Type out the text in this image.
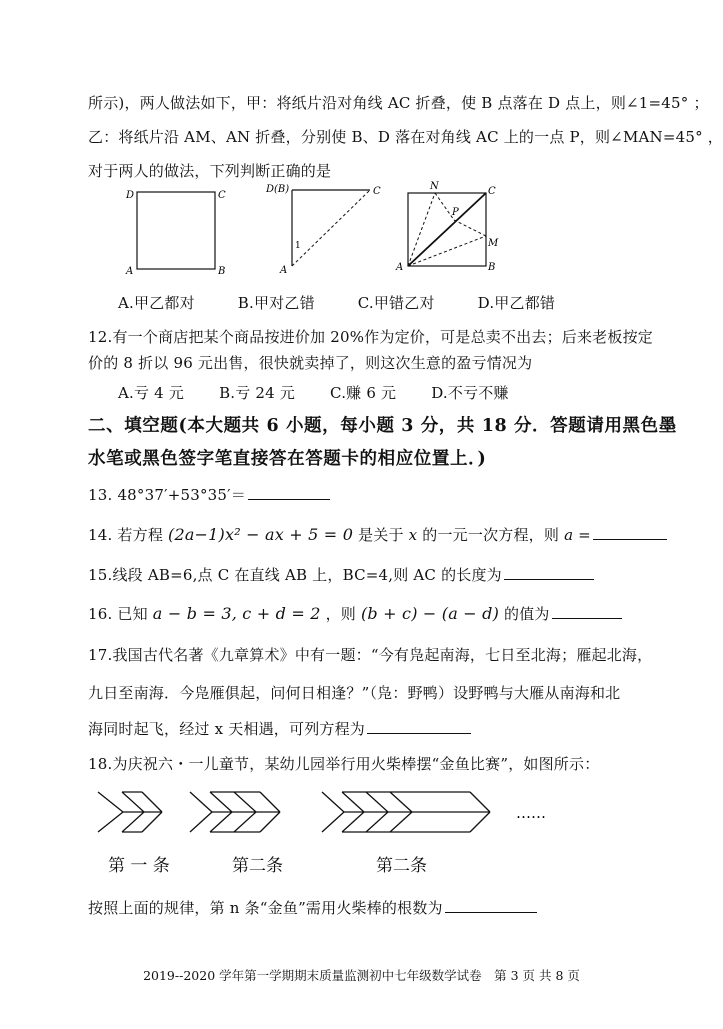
所示)，两人做法如下，甲：将纸片沿对角线 AC 折叠，使 B 点落在 D 点上，则∠1=45° ；
乙：将纸片沿 AM、AN 折叠，分别使 B、D 落在对角线 AC 上的一点 P，则∠MAN=45° ，
对于两人的做法，下列判断正确的是
D	C
A	B
D(B)	C
A
1
N	C
P
M
A	B
A.甲乙都对	B.甲对乙错	C.甲错乙对	D.甲乙都错
12.有一个商店把某个商品按进价加 20%作为定价，可是总卖不出去；后来老板按定
价的 8 折以 96 元出售，很快就卖掉了，则这次生意的盈亏情况为
A.亏 4 元 B.亏 24 元 C.赚 6 元 D.不亏不赚
二、填空题(本大题共 6 小题，每小题 3 分，共 18 分．答题请用黑色墨
水笔或黑色签字笔直接答在答题卡的相应位置上．)
13. 48°37′+53°35′＝
14. 若方程 (2a−1)x² − ax + 5 = 0 是关于 x 的一元一次方程，则 a =
15.线段 AB=6,点 C 在直线 AB 上，BC=4,则 AC 的长度为
16. 已知 a − b = 3, c + d = 2 ，则 (b + c) − (a − d) 的值为
17.我国古代名著《九章算术》中有一题：“今有凫起南海，七日至北海；雁起北海，
九日至南海．今凫雁俱起，问何日相逢？”（凫：野鸭）设野鸭与大雁从南海和北
海同时起飞，经过 x 天相遇，可列方程为
18.为庆祝六・一儿童节，某幼儿园举行用火柴棒摆“金鱼比赛”，如图所示：
……
第 一 条	第二条	第二条
按照上面的规律，第 n 条“金鱼”需用火柴棒的根数为
2019--2020 学年第一学期期末质量监测初中七年级数学试卷　第 3 页 共 8 页
